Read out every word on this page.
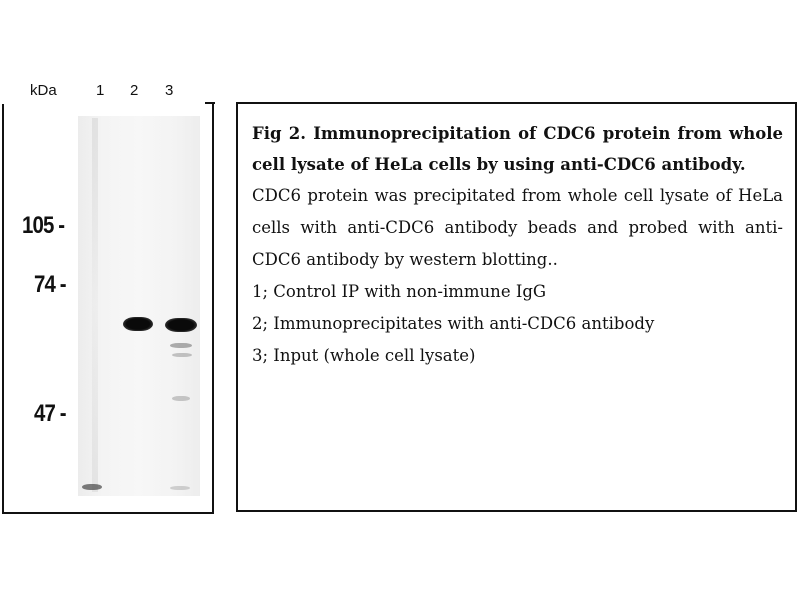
kDa	1 2 3
105 -
74 -
47 -

Fig 2. Immunoprecipitation of CDC6 protein from whole cell lysate of HeLa cells by using anti-CDC6 antibody.

CDC6 protein was precipitated from whole cell lysate of HeLa cells with anti-CDC6 antibody beads and probed with anti-CDC6 antibody by western blotting..

1; Control IP with non-immune IgG

2; Immunoprecipitates with anti-CDC6 antibody

3; Input (whole cell lysate)
